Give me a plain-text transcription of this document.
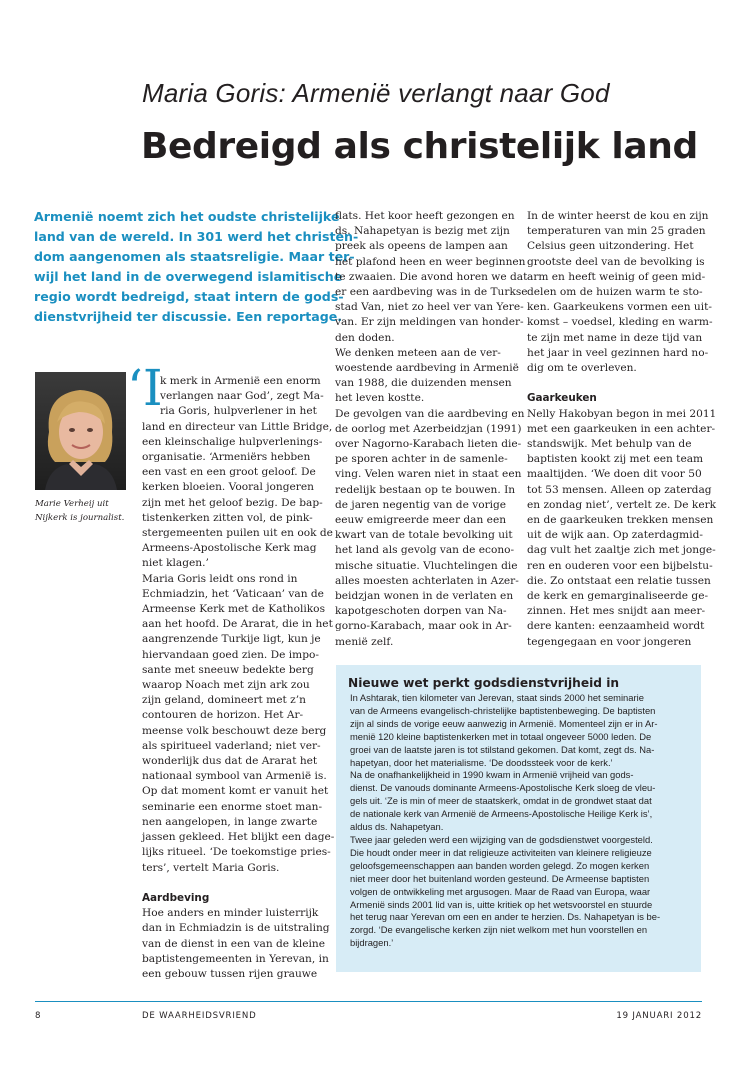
Maria Goris: Armenië verlangt naar God
Bedreigd als christelijk land

Armenië noemt zich het oudste christelijke

land van de wereld. In 301 werd het christen-

dom aangenomen als staatsreligie. Maar ter-

wijl het land in de overwegend islamitische

regio wordt bedreigd, staat intern de gods-

dienstvrijheid ter discussie. Een reportage.

Marie Verheij uit

Nijkerk is journalist.

‘I

k merk in Armenië een enorm

verlangen naar God’, zegt Ma-

ria Goris, hulpverlener in het

land en directeur van Little Bridge,

een kleinschalige hulpverlenings-

organisatie. ‘Armeniërs hebben

een vast en een groot geloof. De

kerken bloeien. Vooral jongeren

zijn met het geloof bezig. De bap-

tistenkerken zitten vol, de pink-

stergemeenten puilen uit en ook de

Armeens-Apostolische Kerk mag

niet klagen.’

Maria Goris leidt ons rond in

Echmiadzin, het ‘Vaticaan’ van de

Armeense Kerk met de Katholikos

aan het hoofd. De Ararat, die in het

aangrenzende Turkije ligt, kun je

hiervandaan goed zien. De impo-

sante met sneeuw bedekte berg

waarop Noach met zijn ark zou

zijn geland, domineert met z’n

contouren de horizon. Het Ar-

meense volk beschouwt deze berg

als spiritueel vaderland; niet ver-

wonderlijk dus dat de Ararat het

nationaal symbool van Armenië is.

Op dat moment komt er vanuit het

seminarie een enorme stoet man-

nen aangelopen, in lange zwarte

jassen gekleed. Het blijkt een dage-

lijks ritueel. ‘De toekomstige pries-

ters’, vertelt Maria Goris.

Aardbeving

Hoe anders en minder luisterrijk

dan in Echmiadzin is de uitstraling

van de dienst in een van de kleine

baptistengemeenten in Yerevan, in

een gebouw tussen rijen grauwe

flats. Het koor heeft gezongen en

ds. Nahapetyan is bezig met zijn

preek als opeens de lampen aan

het plafond heen en weer beginnen

te zwaaien. Die avond horen we dat

er een aardbeving was in de Turkse

stad Van, niet zo heel ver van Yere-

van. Er zijn meldingen van honder-

den doden.

We denken meteen aan de ver-

woestende aardbeving in Armenië

van 1988, die duizenden mensen

het leven kostte.

De gevolgen van die aardbeving en

de oorlog met Azerbeidzjan (1991)

over Nagorno-Karabach lieten die-

pe sporen achter in de samenle-

ving. Velen waren niet in staat een

redelijk bestaan op te bouwen. In

de jaren negentig van de vorige

eeuw emigreerde meer dan een

kwart van de totale bevolking uit

het land als gevolg van de econo-

mische situatie. Vluchtelingen die

alles moesten achterlaten in Azer-

beidzjan wonen in de verlaten en

kapotgeschoten dorpen van Na-

gorno-Karabach, maar ook in Ar-

menië zelf.

In de winter heerst de kou en zijn

temperaturen van min 25 graden

Celsius geen uitzondering. Het

grootste deel van de bevolking is

arm en heeft weinig of geen mid-

delen om de huizen warm te sto-

ken. Gaarkeukens vormen een uit-

komst – voedsel, kleding en warm-

te zijn met name in deze tijd van

het jaar in veel gezinnen hard no-

dig om te overleven.

Gaarkeuken

Nelly Hakobyan begon in mei 2011

met een gaarkeuken in een achter-

standswijk. Met behulp van de

baptisten kookt zij met een team

maaltijden. ‘We doen dit voor 50

tot 53 mensen. Alleen op zaterdag

en zondag niet’, vertelt ze. De kerk

en de gaarkeuken trekken mensen

uit de wijk aan. Op zaterdagmid-

dag vult het zaaltje zich met jonge-

ren en ouderen voor een bijbelstu-

die. Zo ontstaat een relatie tussen

de kerk en gemarginaliseerde ge-

zinnen. Het mes snijdt aan meer-

dere kanten: eenzaamheid wordt

tegengegaan en voor jongeren

Nieuwe wet perkt godsdienstvrijheid in

In Ashtarak, tien kilometer van Jerevan, staat sinds 2000 het seminarie

van de Armeens evangelisch-christelijke baptistenbeweging. De baptisten

zijn al sinds de vorige eeuw aanwezig in Armenië. Momenteel zijn er in Ar-

menië 120 kleine baptistenkerken met in totaal ongeveer 5000 leden. De

groei van de laatste jaren is tot stilstand gekomen. Dat komt, zegt ds. Na-

hapetyan, door het materialisme. ‘De doodssteek voor de kerk.’

Na de onafhankelijkheid in 1990 kwam in Armenië vrijheid van gods-

dienst. De vanouds dominante Armeens-Apostolische Kerk sloeg de vleu-

gels uit. ‘Ze is min of meer de staatskerk, omdat in de grondwet staat dat

de nationale kerk van Armenië de Armeens-Apostolische Heilige Kerk is’,

aldus ds. Nahapetyan.

Twee jaar geleden werd een wijziging van de godsdienstwet voorgesteld.

Die houdt onder meer in dat religieuze activiteiten van kleinere religieuze

geloofsgemeenschappen aan banden worden gelegd. Zo mogen kerken

niet meer door het buitenland worden gesteund. De Armeense baptisten

volgen de ontwikkeling met argusogen. Maar de Raad van Europa, waar

Armenië sinds 2001 lid van is, uitte kritiek op het wetsvoorstel en stuurde

het terug naar Yerevan om een en ander te herzien. Ds. Nahapetyan is be-

zorgd. ‘De evangelische kerken zijn niet welkom met hun voorstellen en

bijdragen.’

8	DE WAARHEIDSVRIEND	19 JANUARI 2012
